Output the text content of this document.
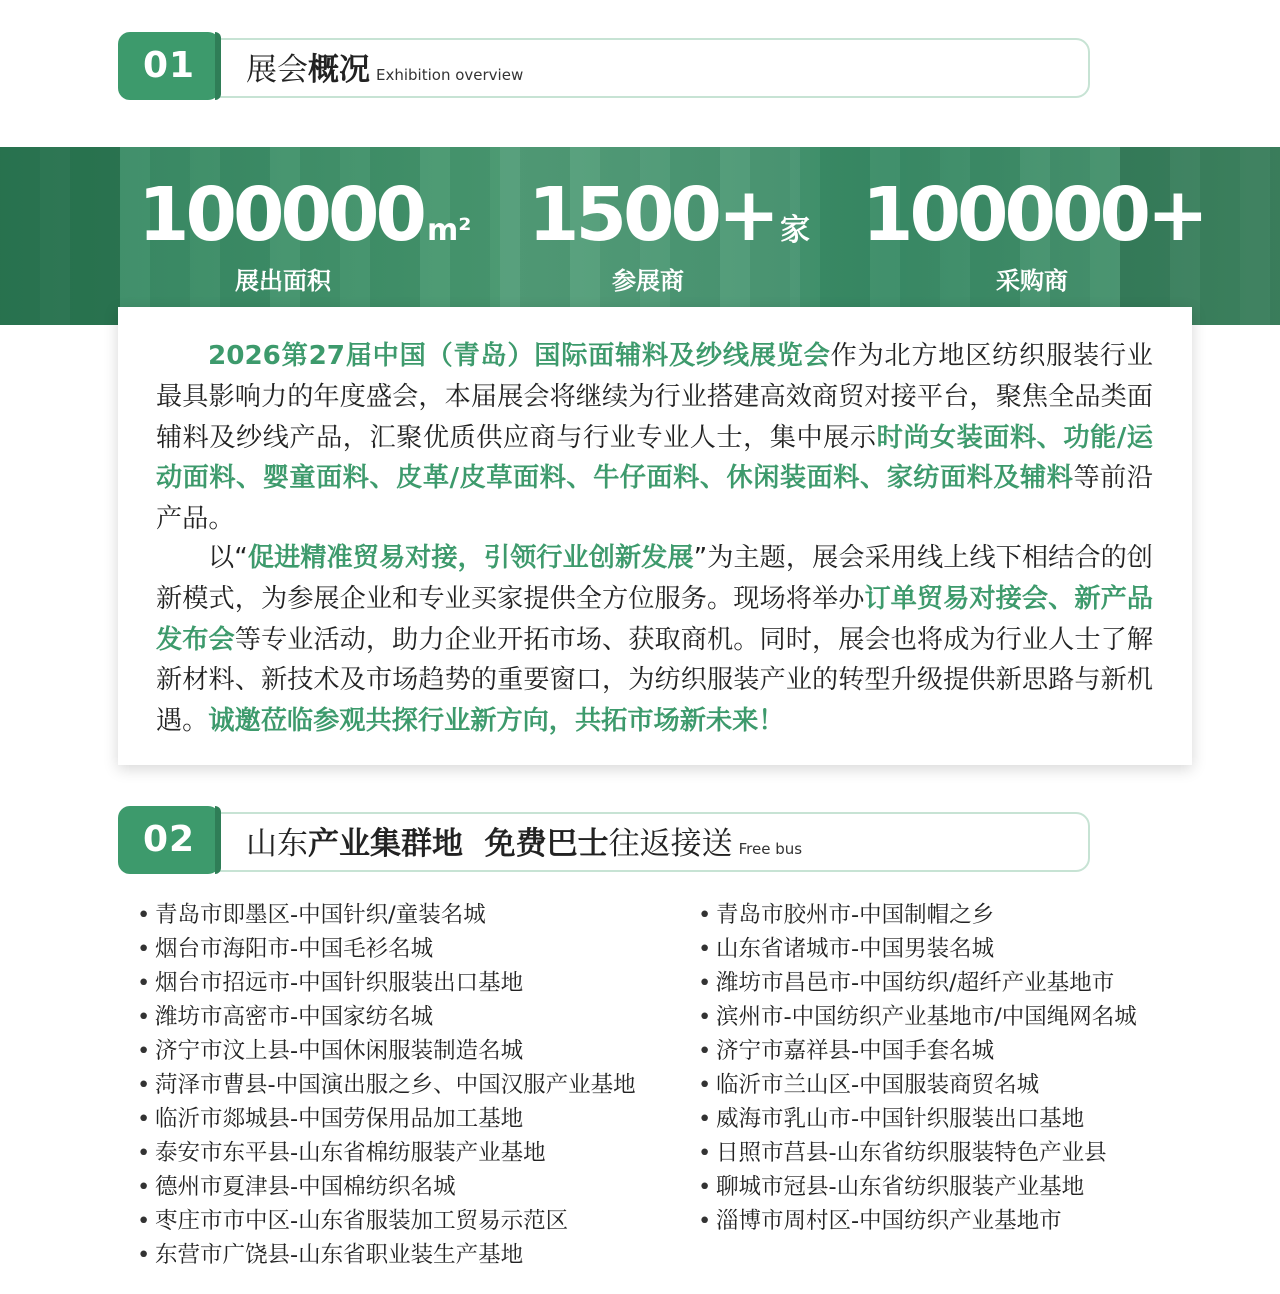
01	展会概况 Exhibition overview
100000 m²
展出面积
1500+ 家
参展商
100000+
采购商

2026第27届中国（青岛）国际面辅料及纱线展览会作为北方地区纺织服装行业最具影响力的年度盛会，本届展会将继续为行业搭建高效商贸对接平台，聚焦全品类面辅料及纱线产品，汇聚优质供应商与行业专业人士，集中展示时尚女装面料、功能/运动面料、婴童面料、皮革/皮草面料、牛仔面料、休闲装面料、家纺面料及辅料等前沿产品。

以“促进精准贸易对接，引领行业创新发展”为主题，展会采用线上线下相结合的创新模式，为参展企业和专业买家提供全方位服务。现场将举办订单贸易对接会、新产品发布会等专业活动，助力企业开拓市场、获取商机。同时，展会也将成为行业人士了解新材料、新技术及市场趋势的重要窗口，为纺织服装产业的转型升级提供新思路与新机遇。诚邀莅临参观共探行业新方向，共拓市场新未来！

02	山东产业集群地  免费巴士往返接送 Free bus
• 青岛市即墨区-中国针织/童装名城
• 烟台市海阳市-中国毛衫名城
• 烟台市招远市-中国针织服装出口基地
• 潍坊市高密市-中国家纺名城
• 济宁市汶上县-中国休闲服装制造名城
• 菏泽市曹县-中国演出服之乡、中国汉服产业基地
• 临沂市郯城县-中国劳保用品加工基地
• 泰安市东平县-山东省棉纺服装产业基地
• 德州市夏津县-中国棉纺织名城
• 枣庄市市中区-山东省服装加工贸易示范区
• 东营市广饶县-山东省职业装生产基地
• 青岛市胶州市-中国制帽之乡
• 山东省诸城市-中国男装名城
• 潍坊市昌邑市-中国纺织/超纤产业基地市
• 滨州市-中国纺织产业基地市/中国绳网名城
• 济宁市嘉祥县-中国手套名城
• 临沂市兰山区-中国服装商贸名城
• 威海市乳山市-中国针织服装出口基地
• 日照市莒县-山东省纺织服装特色产业县
• 聊城市冠县-山东省纺织服装产业基地
• 淄博市周村区-中国纺织产业基地市
